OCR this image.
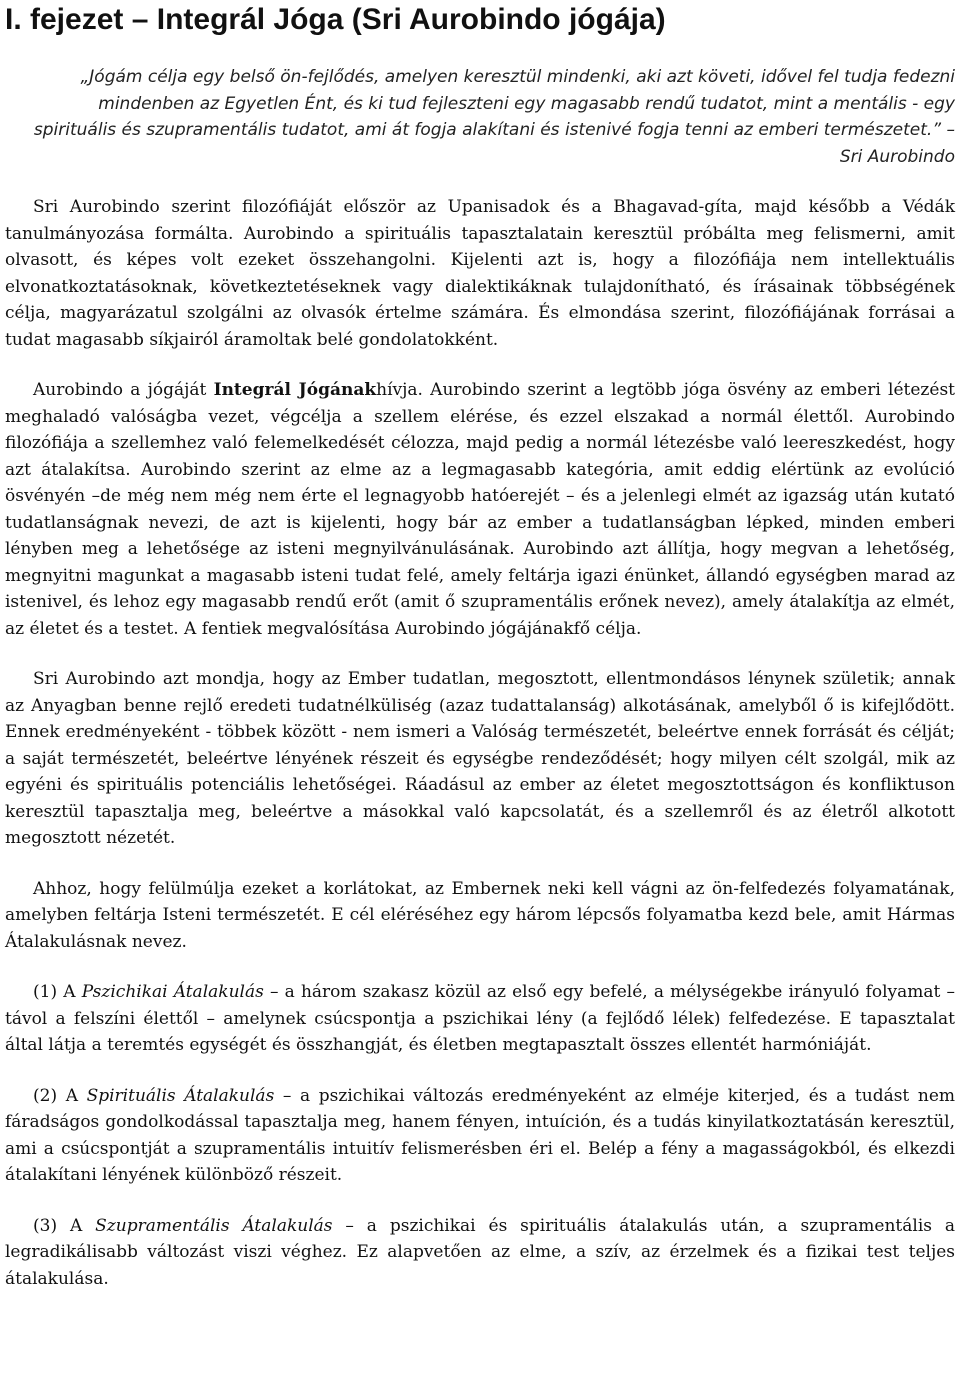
I. fejezet – Integrál Jóga (Sri Aurobindo jógája)
„Jógám célja egy belső ön-fejlődés, amelyen keresztül mindenki, aki azt követi, idővel fel tudja fedezni mindenben az Egyetlen Ént, és ki tud fejleszteni egy magasabb rendű tudatot, mint a mentális - egy spirituális és szupramentális tudatot, ami át fogja alakítani és istenivé fogja tenni az emberi természetet.” – Sri Aurobindo

Sri Aurobindo szerint filozófiáját először az Upanisadok és a Bhagavad-gíta, majd később a Védák tanulmányozása formálta. Aurobindo a spirituális tapasztalatain keresztül próbálta meg felismerni, amit olvasott, és képes volt ezeket összehangolni. Kijelenti azt is, hogy a filozófiája nem intellektuális elvonatkoztatásoknak, következtetéseknek vagy dialektikáknak tulajdonítható, és írásainak többségének célja, magyarázatul szolgálni az olvasók értelme számára. És elmondása szerint, filozófiájának forrásai a tudat magasabb síkjairól áramoltak belé gondolatokként.

Aurobindo a jógáját Integrál Jógánakhívja. Aurobindo szerint a legtöbb jóga ösvény az emberi létezést meghaladó valóságba vezet, végcélja a szellem elérése, és ezzel elszakad a normál élettől. Aurobindo filozófiája a szellemhez való felemelkedését célozza, majd pedig a normál létezésbe való leereszkedést, hogy azt átalakítsa. Aurobindo szerint az elme az a legmagasabb kategória, amit eddig elértünk az evolúció ösvényén –de még nem még nem érte el legnagyobb hatóerejét – és a jelenlegi elmét az igazság után kutató tudatlanságnak nevezi, de azt is kijelenti, hogy bár az ember a tudatlanságban lépked, minden emberi lényben meg a lehetősége az isteni megnyilvánulásának. Aurobindo azt állítja, hogy megvan a lehetőség, megnyitni magunkat a magasabb isteni tudat felé, amely feltárja igazi énünket, állandó egységben marad az istenivel, és lehoz egy magasabb rendű erőt (amit ő szupramentális erőnek nevez), amely átalakítja az elmét, az életet és a testet. A fentiek megvalósítása Aurobindo jógájánakfő célja.

Sri Aurobindo azt mondja, hogy az Ember tudatlan, megosztott, ellentmondásos lénynek születik; annak az Anyagban benne rejlő eredeti tudatnélküliség (azaz tudattalanság) alkotásának, amelyből ő is kifejlődött. Ennek eredményeként - többek között - nem ismeri a Valóság természetét, beleértve ennek forrását és célját; a saját természetét, beleértve lényének részeit és egységbe rendeződését; hogy milyen célt szolgál, mik az egyéni és spirituális potenciális lehetőségei. Ráadásul az ember az életet megosztottságon és konfliktuson keresztül tapasztalja meg, beleértve a másokkal való kapcsolatát, és a szellemről és az életről alkotott megosztott nézetét.

Ahhoz, hogy felülmúlja ezeket a korlátokat, az Embernek neki kell vágni az ön-felfedezés folyamatának, amelyben feltárja Isteni természetét. E cél eléréséhez egy három lépcsős folyamatba kezd bele, amit Hármas Átalakulásnak nevez.

(1) A Pszichikai Átalakulás – a három szakasz közül az első egy befelé, a mélységekbe irányuló folyamat – távol a felszíni élettől – amelynek csúcspontja a pszichikai lény (a fejlődő lélek) felfedezése. E tapasztalat által látja a teremtés egységét és összhangját, és életben megtapasztalt összes ellentét harmóniáját.

(2) A Spirituális Átalakulás – a pszichikai változás eredményeként az elméje kiterjed, és a tudást nem fáradságos gondolkodással tapasztalja meg, hanem fényen, intuíción, és a tudás kinyilatkoztatásán keresztül, ami a csúcspontját a szupramentális intuitív felismerésben éri el. Belép a fény a magasságokból, és elkezdi átalakítani lényének különböző részeit.

(3) A Szupramentális Átalakulás – a pszichikai és spirituális átalakulás után, a szupramentális a legradikálisabb változást viszi véghez. Ez alapvetően az elme, a szív, az érzelmek és a fizikai test teljes átalakulása.
